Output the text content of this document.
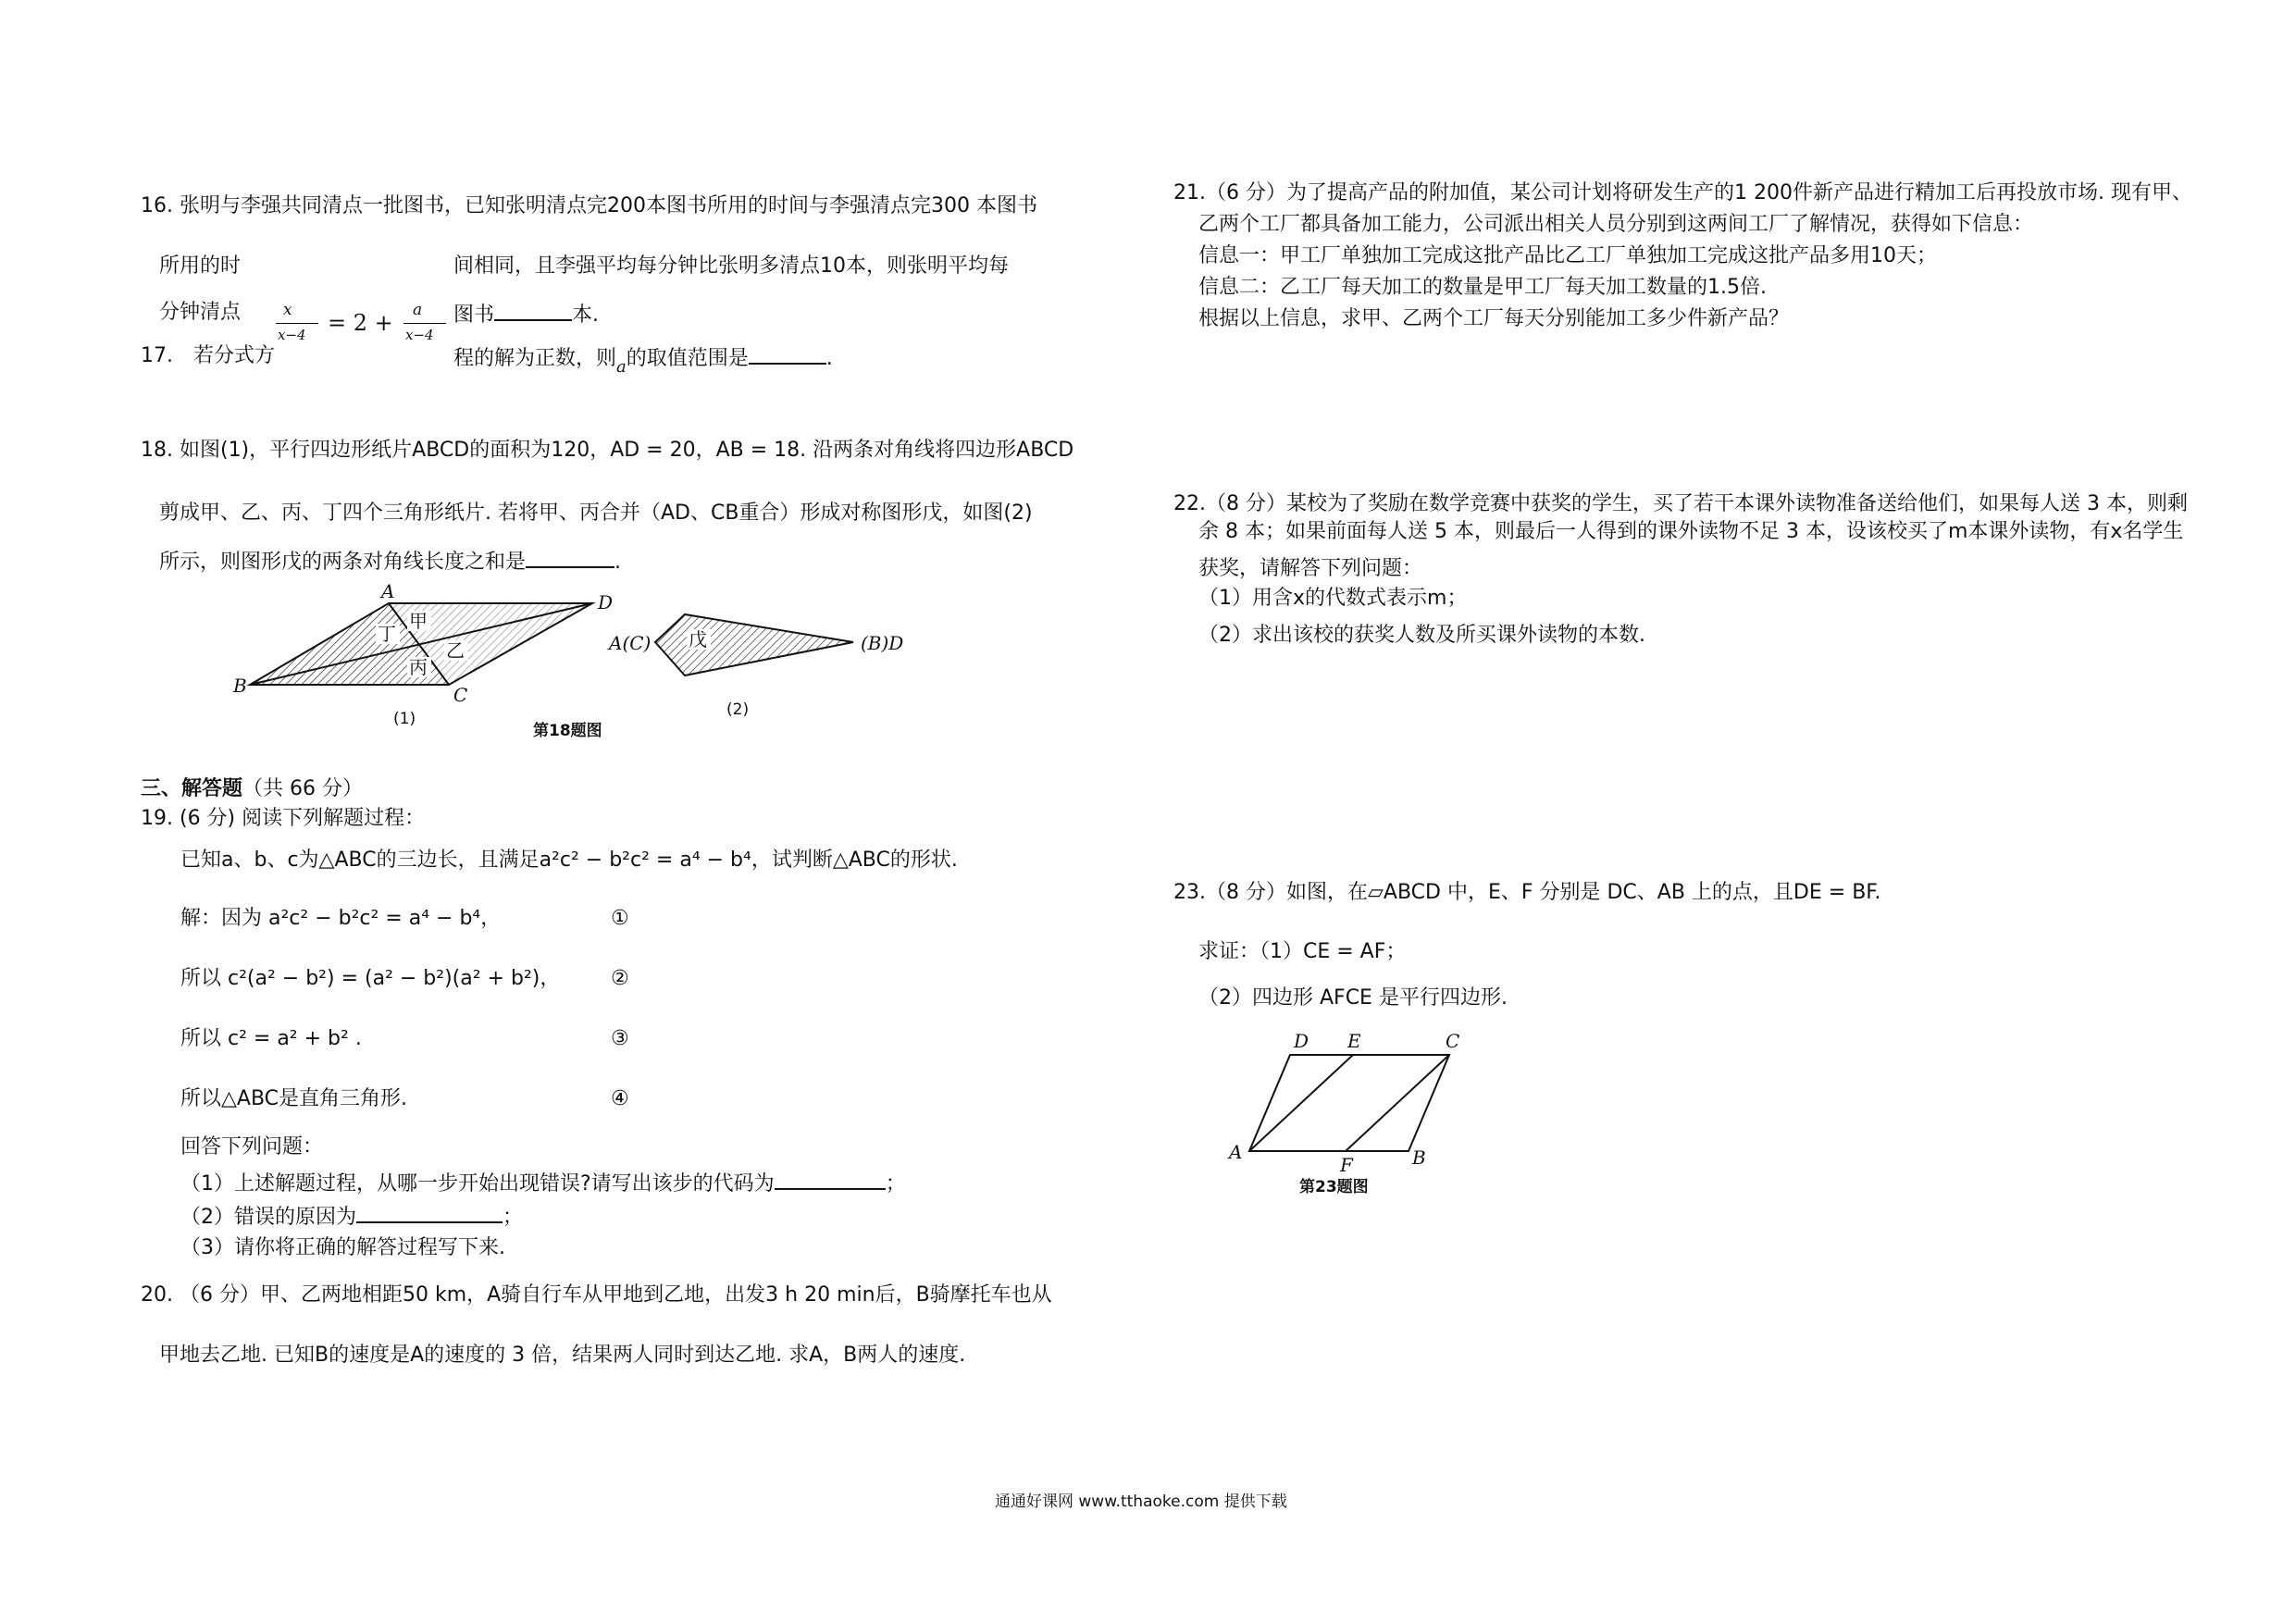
16. 张明与李强共同清点一批图书，已知张明清点完200本图书所用的时间与李强清点完300 本图书
所用的时	间相同，且李强平均每分钟比张明多清点10本，则张明平均每
分钟清点	图书	本.
x
x−4 = 2 + a
x−4
17.　若分式方	程的解为正数，则$_a$的取值范围是	.
18. 如图(1)，平行四边形纸片ABCD的面积为120，AD = 20，AB = 18. 沿两条对角线将四边形ABCD
剪成甲、乙、丙、丁四个三角形纸片. 若将甲、丙合并（AD、CB重合）形成对称图形戊，如图(2)
所示，则图形戊的两条对角线长度之和是	.
甲
丁
乙
丙
A	D
C
B
(1)
戊
A(C)	(B)D
(2)
第18题图
三、解答题（共 66 分）
19. (6 分) 阅读下列解题过程：
已知a、b、c为△ABC的三边长，且满足a²c² − b²c² = a⁴ − b⁴，试判断△ABC的形状.
解：因为 a²c² − b²c² = a⁴ − b⁴，	①
所以 c²(a² − b²) = (a² − b²)(a² + b²)， ②
所以 c² = a² + b² .	③
所以△ABC是直角三角形.	④
回答下列问题：
（1）上述解题过程，从哪一步开始出现错误?请写出该步的代码为	；
（2）错误的原因为	；
（3）请你将正确的解答过程写下来.
20. （6 分）甲、乙两地相距50 km，A骑自行车从甲地到乙地，出发3 h 20 min后，B骑摩托车也从
甲地去乙地. 已知B的速度是A的速度的 3 倍，结果两人同时到达乙地. 求A，B两人的速度.
21.（6 分）为了提高产品的附加值，某公司计划将研发生产的1 200件新产品进行精加工后再投放市场. 现有甲、
乙两个工厂都具备加工能力，公司派出相关人员分别到这两间工厂了解情况，获得如下信息：
信息一：甲工厂单独加工完成这批产品比乙工厂单独加工完成这批产品多用10天；
信息二：乙工厂每天加工的数量是甲工厂每天加工数量的1.5倍.
根据以上信息，求甲、乙两个工厂每天分别能加工多少件新产品？
22.（8 分）某校为了奖励在数学竞赛中获奖的学生，买了若干本课外读物准备送给他们，如果每人送 3 本，则剩
余 8 本；如果前面每人送 5 本，则最后一人得到的课外读物不足 3 本，设该校买了m本课外读物，有x名学生
获奖，请解答下列问题：
（1）用含x的代数式表示m；
（2）求出该校的获奖人数及所买课外读物的本数.
23.（8 分）如图，在▱ABCD 中，E、F 分别是 DC、AB 上的点，且DE = BF.
求证：（1）CE = AF；
（2）四边形 AFCE 是平行四边形.
D E	C
A
F	B
第23题图
通通好课网 www.tthaoke.com 提供下载
